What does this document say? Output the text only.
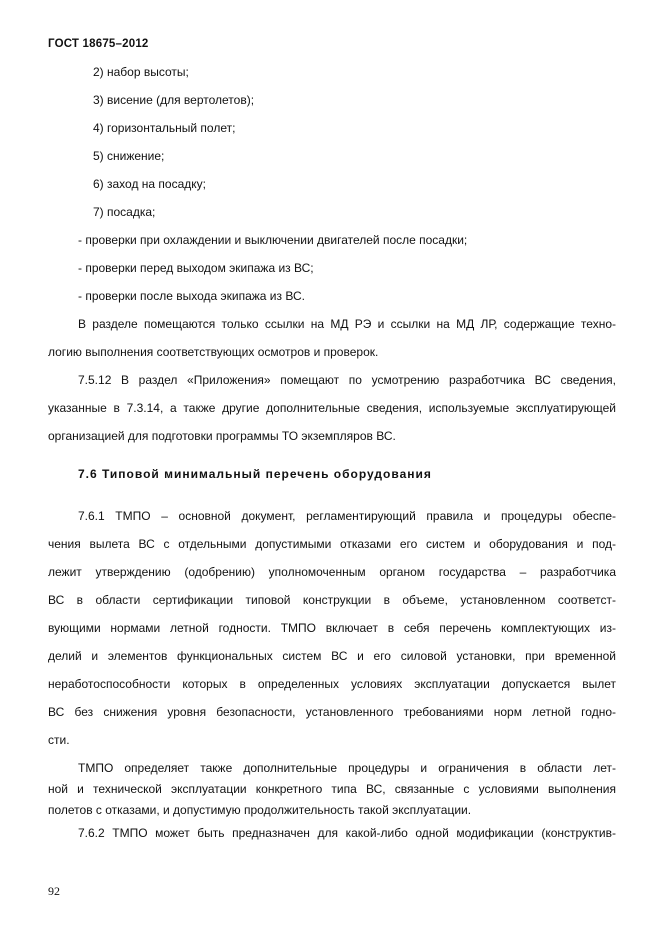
ГОСТ 18675–2012
2) набор высоты;
3) висение (для вертолетов);
4) горизонтальный полет;
5) снижение;
6) заход на посадку;
7) посадка;
- проверки при охлаждении и выключении двигателей после посадки;
- проверки перед выходом экипажа из ВС;
- проверки после выхода экипажа из ВС.
В разделе помещаются только ссылки на МД РЭ и ссылки на МД ЛР, содержащие техно-
логию выполнения соответствующих осмотров и проверок.
7.5.12 В раздел «Приложения» помещают по усмотрению разработчика ВС сведения,
указанные в 7.3.14, а также другие дополнительные сведения, используемые эксплуатирующей
организацией для подготовки программы ТО экземпляров ВС.
7.6 Типовой минимальный перечень оборудования
7.6.1 ТМПО – основной документ, регламентирующий правила и процедуры обеспе-
чения вылета ВС с отдельными допустимыми отказами его систем и оборудования и под-
лежит утверждению (одобрению) уполномоченным органом государства – разработчика
ВС в области сертификации типовой конструкции в объеме, установленном соответст-
вующими нормами летной годности. ТМПО включает в себя перечень комплектующих из-
делий и элементов функциональных систем ВС и его силовой установки, при временной
неработоспособности которых в определенных условиях эксплуатации допускается вылет
ВС без снижения уровня безопасности, установленного требованиями норм летной годно-
сти.
ТМПО определяет также дополнительные процедуры и ограничения в области лет-
ной и технической эксплуатации конкретного типа ВС, связанные с условиями выполнения
полетов с отказами, и допустимую продолжительность такой эксплуатации.
7.6.2 ТМПО может быть предназначен для какой-либо одной модификации (конструктив-
92
